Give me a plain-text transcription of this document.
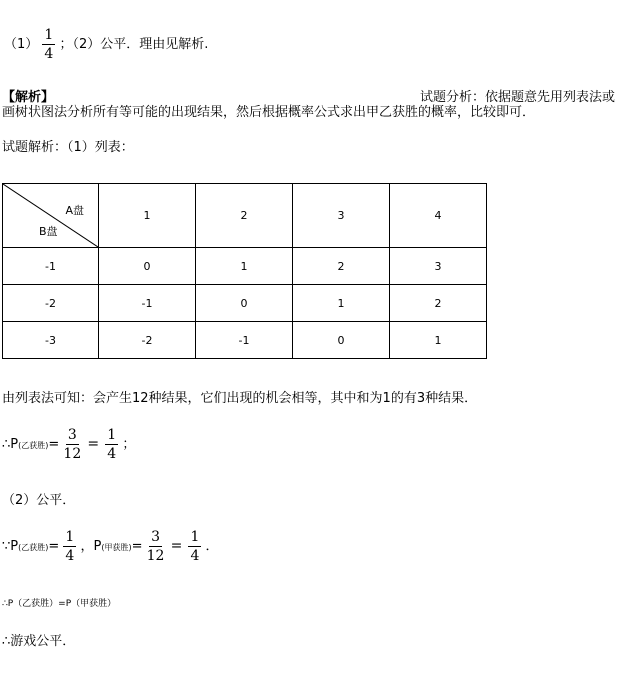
$(1) \frac{1}{4}$ ；（2）公平．理由见解析.
【解析】	试题分析：依据题意先用列表法或
画树状图法分析所有等可能的出现结果，然后根据概率公式求出甲乙获胜的概率，比较即可．
试题解析：（1）列表：
A盘
B盘	1	2	3	4
-1	0	1	2	3
-2	-1	0	1	2
-3	-2	-1	0	1
由列表法可知：会产生12种结果，它们出现的机会相等，其中和为1的有3种结果．
∴P(乙获胜)= $\frac{3}{12} = \frac{1}{4}$ ；
（2）公平．
∵P(乙获胜)= $\frac{1}{4}$ ，P(甲获胜)= $\frac{3}{12} = \frac{1}{4}$ ．
∴P（乙获胜）=P（甲获胜）
∴游戏公平．
